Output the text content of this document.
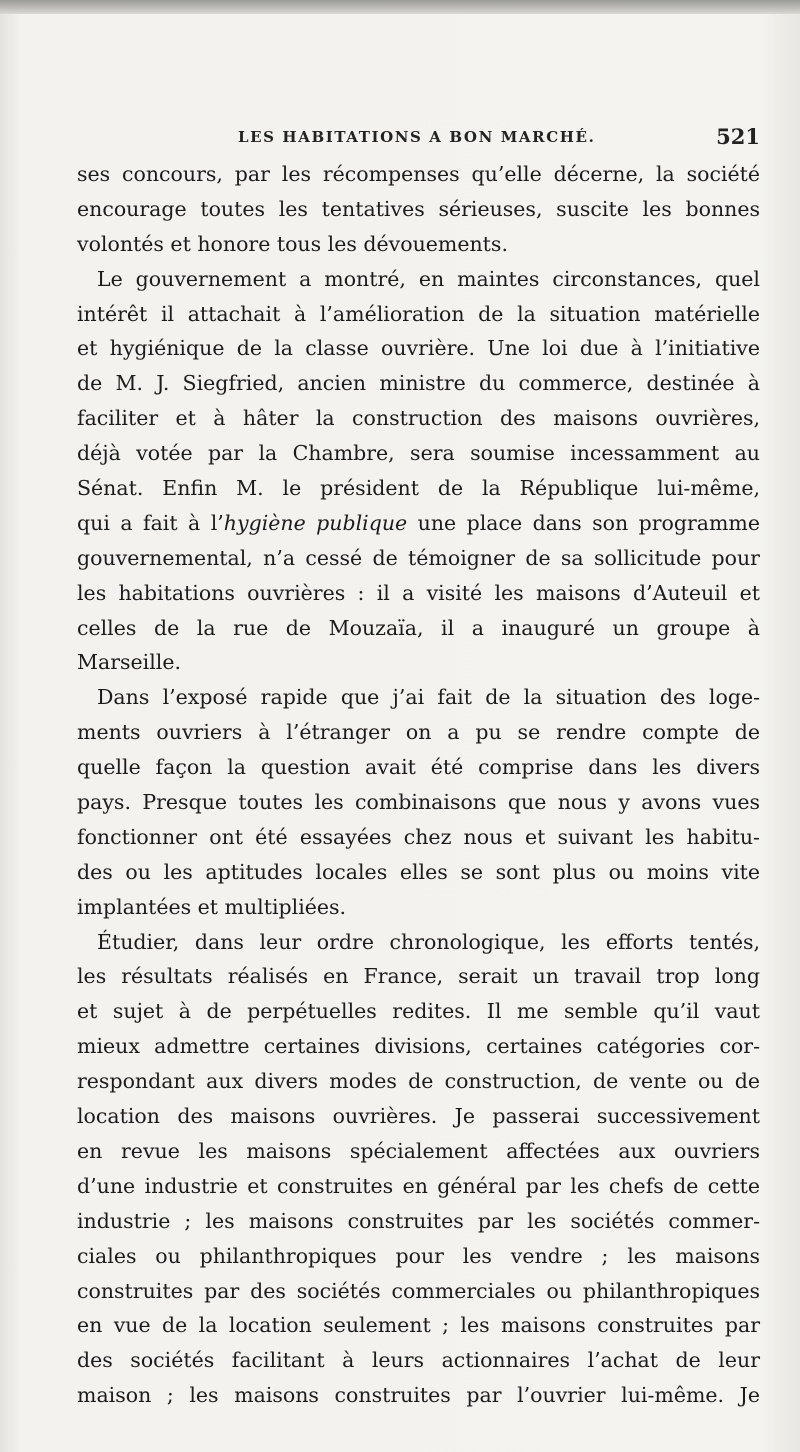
LES HABITATIONS A BON MARCHÉ.	521
ses concours, par les récompenses qu’elle décerne, la société
encourage toutes les tentatives sérieuses, suscite les bonnes
volontés et honore tous les dévouements.
Le gouvernement a montré, en maintes circonstances, quel
intérêt il attachait à l’amélioration de la situation matérielle
et hygiénique de la classe ouvrière. Une loi due à l’initiative
de M. J. Siegfried, ancien ministre du commerce, destinée à
faciliter et à hâter la construction des maisons ouvrières,
déjà votée par la Chambre, sera soumise incessamment au
Sénat. Enfin M. le président de la République lui-même,
qui a fait à l’hygiène publique une place dans son programme
gouvernemental, n’a cessé de témoigner de sa sollicitude pour
les habitations ouvrières : il a visité les maisons d’Auteuil et
celles de la rue de Mouzaïa, il a inauguré un groupe à
Marseille.
Dans l’exposé rapide que j’ai fait de la situation des loge-
ments ouvriers à l’étranger on a pu se rendre compte de
quelle façon la question avait été comprise dans les divers
pays. Presque toutes les combinaisons que nous y avons vues
fonctionner ont été essayées chez nous et suivant les habitu-
des ou les aptitudes locales elles se sont plus ou moins vite
implantées et multipliées.
Étudier, dans leur ordre chronologique, les efforts tentés,
les résultats réalisés en France, serait un travail trop long
et sujet à de perpétuelles redites. Il me semble qu’il vaut
mieux admettre certaines divisions, certaines catégories cor-
respondant aux divers modes de construction, de vente ou de
location des maisons ouvrières. Je passerai successivement
en revue les maisons spécialement affectées aux ouvriers
d’une industrie et construites en général par les chefs de cette
industrie ; les maisons construites par les sociétés commer-
ciales ou philanthropiques pour les vendre ; les maisons
construites par des sociétés commerciales ou philanthropiques
en vue de la location seulement ; les maisons construites par
des sociétés facilitant à leurs actionnaires l’achat de leur
maison ; les maisons construites par l’ouvrier lui-même. Je
